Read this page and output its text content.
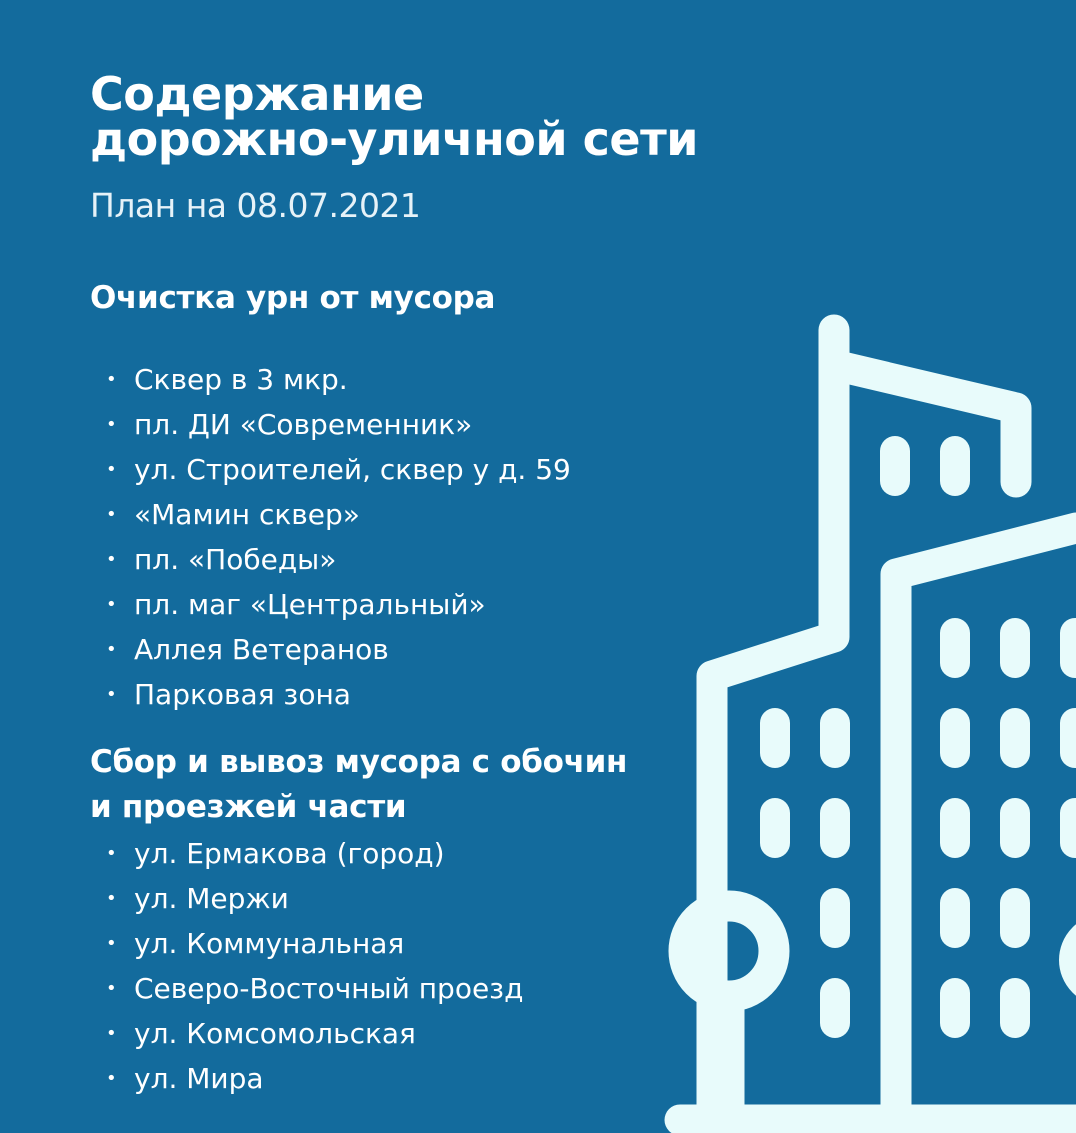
Содержание
дорожно-уличной сети
План на 08.07.2021
Очистка урн от мусора
• Сквер в 3 мкр.
• пл. ДИ «Современник»
• ул. Строителей, сквер у д. 59
• «Мамин сквер»
• пл. «Победы»
• пл. маг «Центральный»
• Аллея Ветеранов
• Парковая зона
Сбор и вывоз мусора с обочин
и проезжей части
• ул. Ермакова (город)
• ул. Мержи
• ул. Коммунальная
• Северо-Восточный проезд
• ул. Комсомольская
• ул. Мира
